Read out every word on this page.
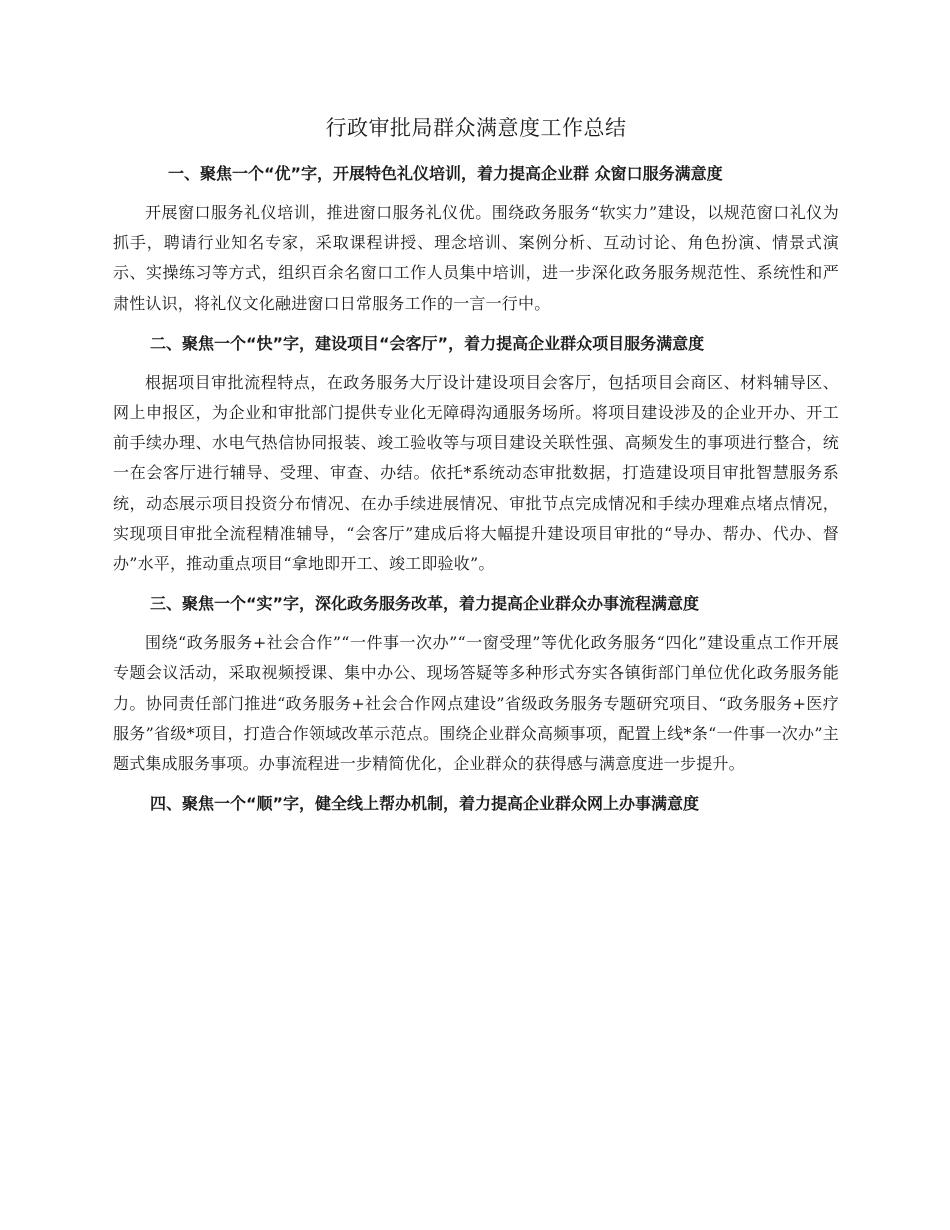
行政审批局群众满意度工作总结
一、聚焦一个“优”字，开展特色礼仪培训，着力提高企业群 众窗口服务满意度

开展窗口服务礼仪培训，推进窗口服务礼仪优。围绕政务服务“软实力”建设，以规范窗口礼仪为抓手，聘请行业知名专家，采取课程讲授、理念培训、案例分析、互动讨论、角色扮演、情景式演示、实操练习等方式，组织百余名窗口工作人员集中培训，进一步深化政务服务规范性、系统性和严肃性认识，将礼仪文化融进窗口日常服务工作的一言一行中。

二、聚焦一个“快”字，建设项目“会客厅”，着力提高企业群众项目服务满意度

根据项目审批流程特点，在政务服务大厅设计建设项目会客厅，包括项目会商区、材料辅导区、网上申报区，为企业和审批部门提供专业化无障碍沟通服务场所。将项目建设涉及的企业开办、开工前手续办理、水电气热信协同报装、竣工验收等与项目建设关联性强、高频发生的事项进行整合，统一在会客厅进行辅导、受理、审查、办结。依托*系统动态审批数据，打造建设项目审批智慧服务系统，动态展示项目投资分布情况、在办手续进展情况、审批节点完成情况和手续办理难点堵点情况，实现项目审批全流程精准辅导，“会客厅”建成后将大幅提升建设项目审批的“导办、帮办、代办、督办”水平，推动重点项目“拿地即开工、竣工即验收”。

三、聚焦一个“实”字，深化政务服务改革，着力提高企业群众办事流程满意度

围绕“政务服务+社会合作”“一件事一次办”“一窗受理”等优化政务服务“四化”建设重点工作开展专题会议活动，采取视频授课、集中办公、现场答疑等多种形式夯实各镇街部门单位优化政务服务能力。协同责任部门推进“政务服务+社会合作网点建设”省级政务服务专题研究项目、“政务服务+医疗服务”省级*项目，打造合作领域改革示范点。围绕企业群众高频事项，配置上线*条“一件事一次办”主题式集成服务事项。办事流程进一步精简优化，企业群众的获得感与满意度进一步提升。

四、聚焦一个“顺”字，健全线上帮办机制，着力提高企业群众网上办事满意度
